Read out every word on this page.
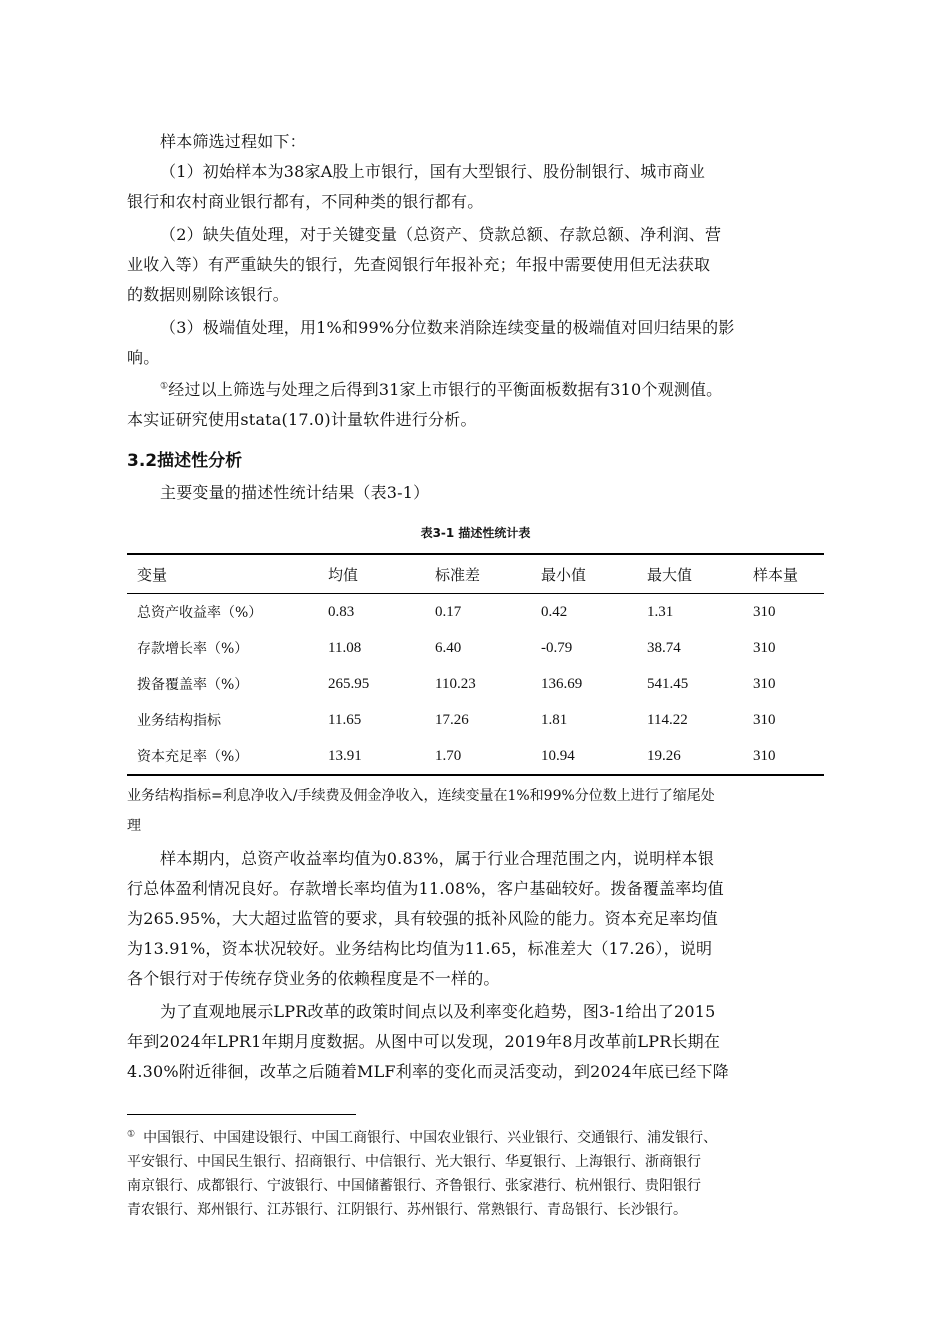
样本筛选过程如下：
（1）初始样本为38家A股上市银行，国有大型银行、股份制银行、城市商业
银行和农村商业银行都有，不同种类的银行都有。
（2）缺失值处理，对于关键变量（总资产、贷款总额、存款总额、净利润、营
业收入等）有严重缺失的银行，先查阅银行年报补充；年报中需要使用但无法获取
的数据则剔除该银行。
（3）极端值处理，用1%和99%分位数来消除连续变量的极端值对回归结果的影
响。
①经过以上筛选与处理之后得到31家上市银行的平衡面板数据有310个观测值。
本实证研究使用stata(17.0)计量软件进行分析。
3.2描述性分析
主要变量的描述性统计结果（表3-1）
表3-1 描述性统计表
变量	均值	标准差	最小值	最大值	样本量
总资产收益率（%）	0.83	0.17	0.42	1.31	310
存款增长率（%）	11.08	6.40	-0.79	38.74	310
拨备覆盖率（%）	265.95	110.23	136.69	541.45	310
业务结构指标	11.65	17.26	1.81	114.22	310
资本充足率（%）	13.91	1.70	10.94	19.26	310
业务结构指标=利息净收入/手续费及佣金净收入，连续变量在1%和99%分位数上进行了缩尾处
理
样本期内，总资产收益率均值为0.83%，属于行业合理范围之内，说明样本银
行总体盈利情况良好。存款增长率均值为11.08%，客户基础较好。拨备覆盖率均值
为265.95%，大大超过监管的要求，具有较强的抵补风险的能力。资本充足率均值
为13.91%，资本状况较好。业务结构比均值为11.65，标准差大（17.26），说明
各个银行对于传统存贷业务的依赖程度是不一样的。
为了直观地展示LPR改革的政策时间点以及利率变化趋势，图3-1给出了2015
年到2024年LPR1年期月度数据。从图中可以发现，2019年8月改革前LPR长期在
4.30%附近徘徊，改革之后随着MLF利率的变化而灵活变动，到2024年底已经下降
① 中国银行、中国建设银行、中国工商银行、中国农业银行、兴业银行、交通银行、浦发银行、
平安银行、中国民生银行、招商银行、中信银行、光大银行、华夏银行、上海银行、浙商银行
南京银行、成都银行、宁波银行、中国储蓄银行、齐鲁银行、张家港行、杭州银行、贵阳银行
青农银行、郑州银行、江苏银行、江阴银行、苏州银行、常熟银行、青岛银行、长沙银行。
